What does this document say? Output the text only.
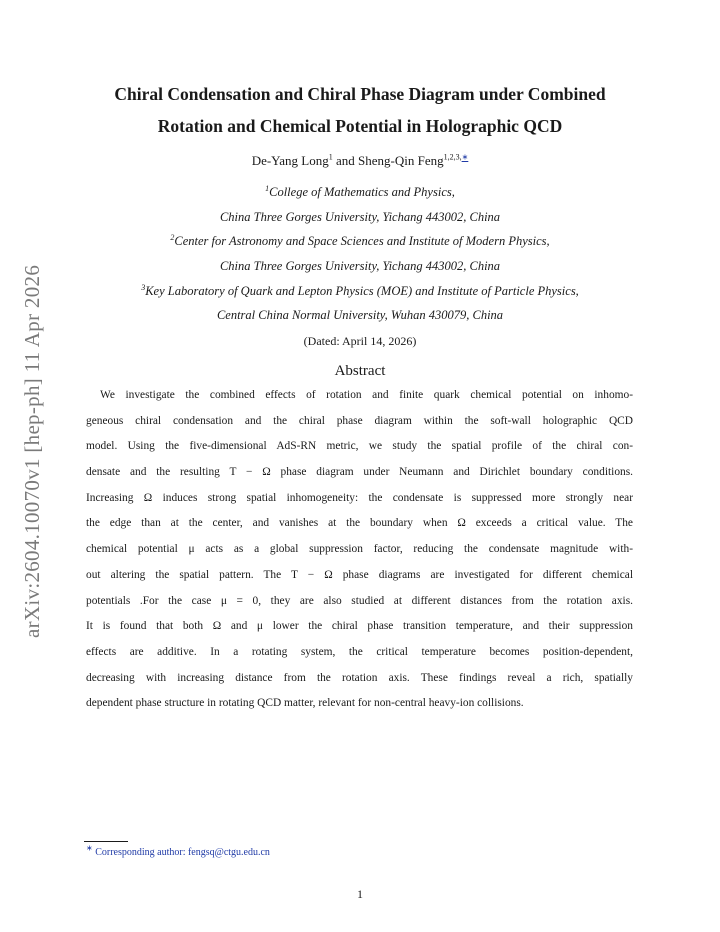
arXiv:2604.10070v1 [hep-ph] 11 Apr 2026
Chiral Condensation and Chiral Phase Diagram under Combined
Rotation and Chemical Potential in Holographic QCD
De-Yang Long$^1$ and Sheng-Qin Feng$^{1,2,3,∗}$
$^1$College of Mathematics and Physics,
China Three Gorges University, Yichang 443002, China
$^2$Center for Astronomy and Space Sciences and Institute of Modern Physics,
China Three Gorges University, Yichang 443002, China
$^3$Key Laboratory of Quark and Lepton Physics (MOE) and Institute of Particle Physics,
Central China Normal University, Wuhan 430079, China
(Dated: April 14, 2026)
Abstract
We investigate the combined effects of rotation and finite quark chemical potential on inhomo-
geneous chiral condensation and the chiral phase diagram within the soft-wall holographic QCD
model. Using the five-dimensional AdS-RN metric, we study the spatial profile of the chiral con-
densate and the resulting T − Ω phase diagram under Neumann and Dirichlet boundary conditions.
Increasing Ω induces strong spatial inhomogeneity: the condensate is suppressed more strongly near
the edge than at the center, and vanishes at the boundary when Ω exceeds a critical value. The
chemical potential μ acts as a global suppression factor, reducing the condensate magnitude with-
out altering the spatial pattern. The T − Ω phase diagrams are investigated for different chemical
potentials .For the case μ = 0, they are also studied at different distances from the rotation axis.
It is found that both Ω and μ lower the chiral phase transition temperature, and their suppression
effects are additive. In a rotating system, the critical temperature becomes position-dependent,
decreasing with increasing distance from the rotation axis. These findings reveal a rich, spatially
dependent phase structure in rotating QCD matter, relevant for non-central heavy-ion collisions.
∗ Corresponding author: fengsq@ctgu.edu.cn
1
